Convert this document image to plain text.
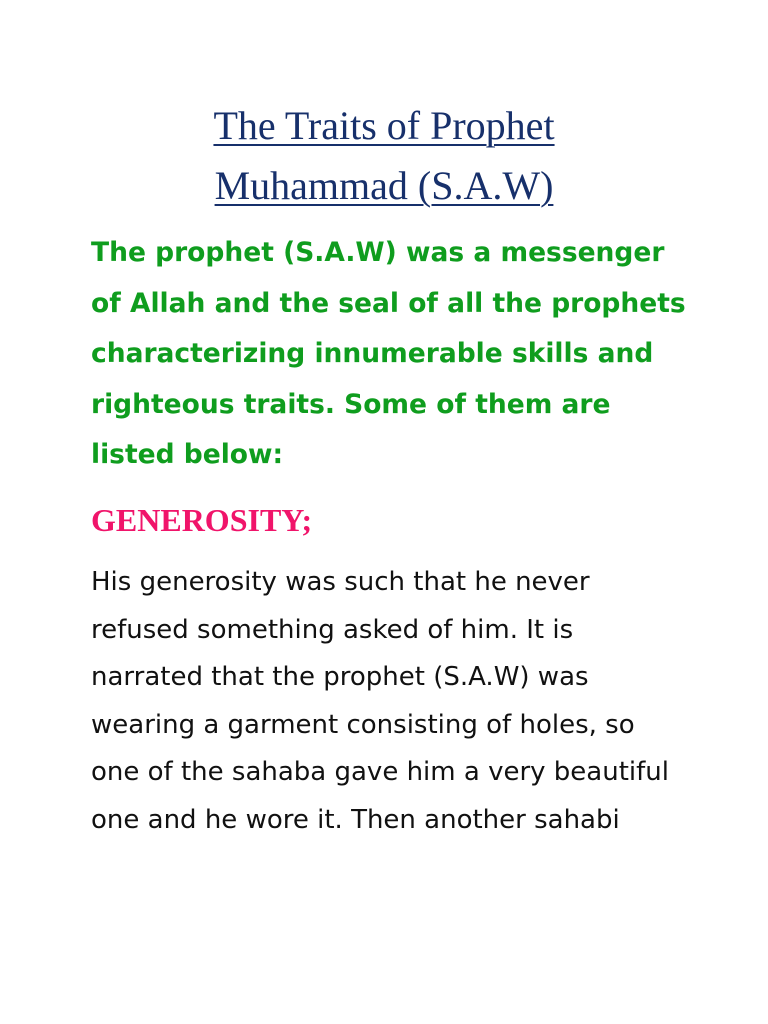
The Traits of Prophet
Muhammad (S.A.W)

The prophet (S.A.W) was a messenger
of Allah and the seal of all the prophets
characterizing innumerable skills and
righteous traits. Some of them are
listed below:

GENEROSITY;

His generosity was such that he never
refused something asked of him. It is
narrated that the prophet (S.A.W) was
wearing a garment consisting of holes, so
one of the sahaba gave him a very beautiful
one and he wore it. Then another sahabi
